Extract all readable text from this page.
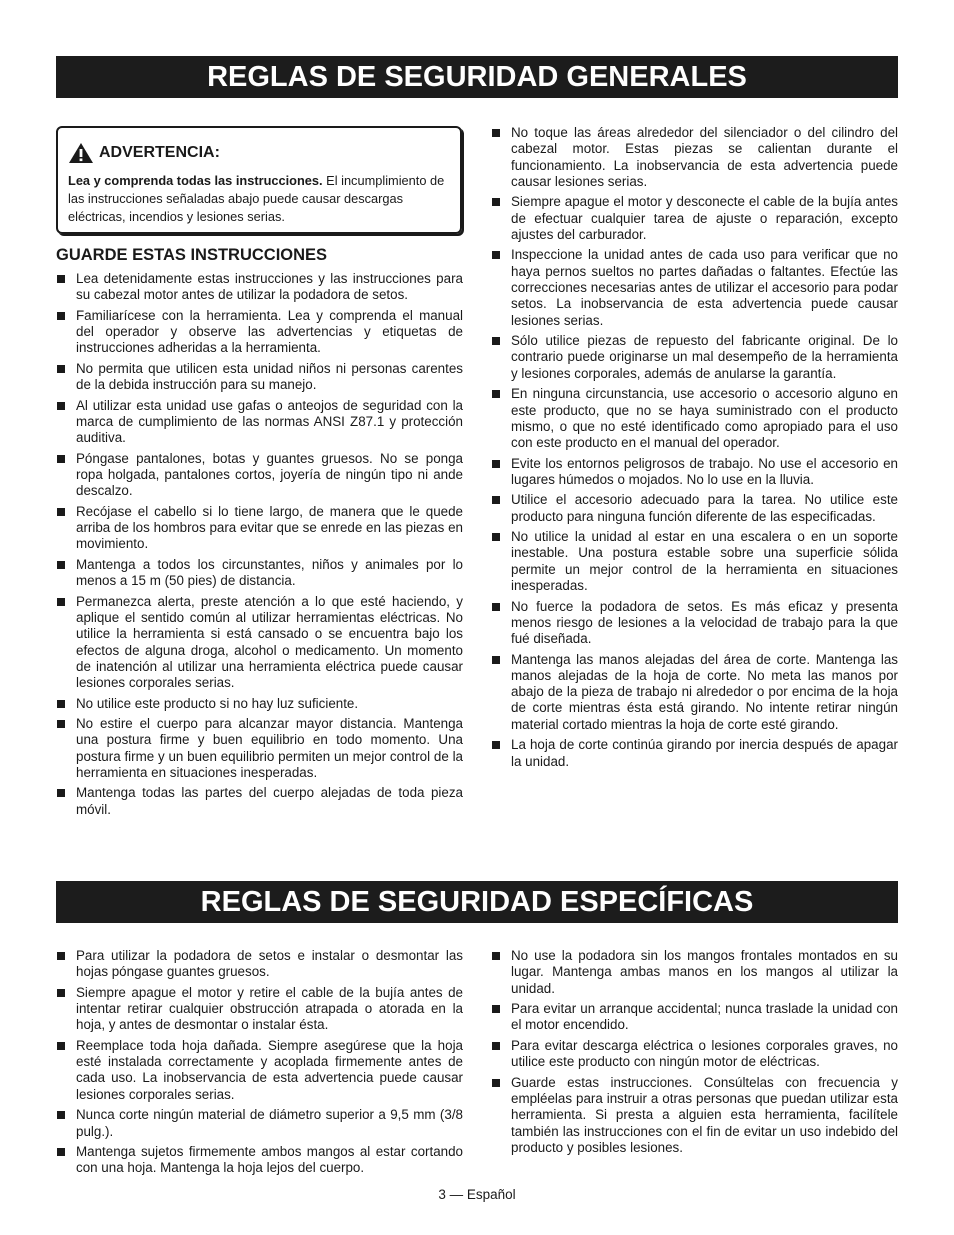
REGLAS DE SEGURIDAD GENERALES
ADVERTENCIA:
Lea y comprenda todas las instrucciones. El incumplimiento de las instrucciones señaladas abajo puede causar descargas eléctricas, incendios y lesiones serias.
GUARDE ESTAS INSTRUCCIONES
Lea detenidamente estas instrucciones y las instrucciones para su cabezal motor antes de utilizar la podadora de setos.
Familiarícese con la herramienta. Lea y comprenda el manual del operador y observe las advertencias y etiquetas de instrucciones adheridas a la herramienta.
No permita que utilicen esta unidad niños ni personas carentes de la debida instrucción para su manejo.
Al utilizar esta unidad use gafas o anteojos de seguridad con la marca de cumplimiento de las normas ANSI Z87.1 y protección auditiva.
Póngase pantalones, botas y guantes gruesos. No se ponga ropa holgada, pantalones cortos, joyería de ningún tipo ni ande descalzo.
Recójase el cabello si lo tiene largo, de manera que le quede arriba de los hombros para evitar que se enrede en las piezas en movimiento.
Mantenga a todos los circunstantes, niños y animales por lo menos a 15 m (50 pies) de distancia.
Permanezca alerta, preste atención a lo que esté haciendo, y aplique el sentido común al utilizar herramientas eléctricas. No utilice la herramienta si está cansado o se encuentra bajo los efectos de alguna droga, alcohol o medicamento. Un momento de inatención al utilizar una herramienta eléctrica puede causar lesiones corporales serias.
No utilice este producto si no hay luz suficiente.
No estire el cuerpo para alcanzar mayor distancia. Mantenga una postura firme y buen equilibrio en todo momento. Una postura firme y un buen equilibrio permiten un mejor control de la herramienta en situaciones inesperadas.
Mantenga todas las partes del cuerpo alejadas de toda pieza móvil.
No toque las áreas alrededor del silenciador o del cilindro del cabezal motor. Estas piezas se calientan durante el funcionamiento. La inobservancia de esta advertencia puede causar lesiones serias.
Siempre apague el motor y desconecte el cable de la bujía antes de efectuar cualquier tarea de ajuste o reparación, excepto ajustes del carburador.
Inspeccione la unidad antes de cada uso para verificar que no haya pernos sueltos no partes dañadas o faltantes. Efectúe las correcciones necesarias antes de utilizar el accesorio para podar setos. La inobservancia de esta advertencia puede causar lesiones serias.
Sólo utilice piezas de repuesto del fabricante original. De lo contrario puede originarse un mal desempeño de la herramienta y lesiones corporales, además de anularse la garantía.
En ninguna circunstancia, use accesorio o accesorio alguno en este producto, que no se haya suministrado con el producto mismo, o que no esté identificado como apropiado para el uso con este producto en el manual del operador.
Evite los entornos peligrosos de trabajo. No use el accesorio en lugares húmedos o mojados. No lo use en la lluvia.
Utilice el accesorio adecuado para la tarea. No utilice este producto para ninguna función diferente de las especificadas.
No utilice la unidad al estar en una escalera o en un soporte inestable. Una postura estable sobre una superficie sólida permite un mejor control de la herramienta en situaciones inesperadas.
No fuerce la podadora de setos. Es más eficaz y presenta menos riesgo de lesiones a la velocidad de trabajo para la que fué diseñada.
Mantenga las manos alejadas del área de corte. Mantenga las manos alejadas de la hoja de corte. No meta las manos por abajo de la pieza de trabajo ni alrededor o por encima de la hoja de corte mientras ésta está girando. No intente retirar ningún material cortado mientras la hoja de corte esté girando.
La hoja de corte continúa girando por inercia después de apagar la unidad.
REGLAS DE SEGURIDAD ESPECÍFICAS
Para utilizar la podadora de setos e instalar o desmontar las hojas póngase guantes gruesos.
Siempre apague el motor y retire el cable de la bujía antes de intentar retirar cualquier obstrucción atrapada o atorada en la hoja, y antes de desmontar o instalar ésta.
Reemplace toda hoja dañada. Siempre asegúrese que la hoja esté instalada correctamente y acoplada firmemente antes de cada uso. La inobservancia de esta advertencia puede causar lesiones corporales serias.
Nunca corte ningún material de diámetro superior a 9,5 mm (3/8 pulg.).
Mantenga sujetos firmemente ambos mangos al estar cortando con una hoja. Mantenga la hoja lejos del cuerpo.
No use la podadora sin los mangos frontales montados en su lugar. Mantenga ambas manos en los mangos al utilizar la unidad.
Para evitar un arranque accidental; nunca traslade la unidad con el motor encendido.
Para evitar descarga eléctrica o lesiones corporales graves, no utilice este producto con ningún motor de eléctricas.
Guarde estas instrucciones. Consúltelas con frecuencia y empléelas para instruir a otras personas que puedan utilizar esta herramienta. Si presta a alguien esta herramienta, facilítele también las instrucciones con el fin de evitar un uso indebido del producto y posibles lesiones.
3 — Español
